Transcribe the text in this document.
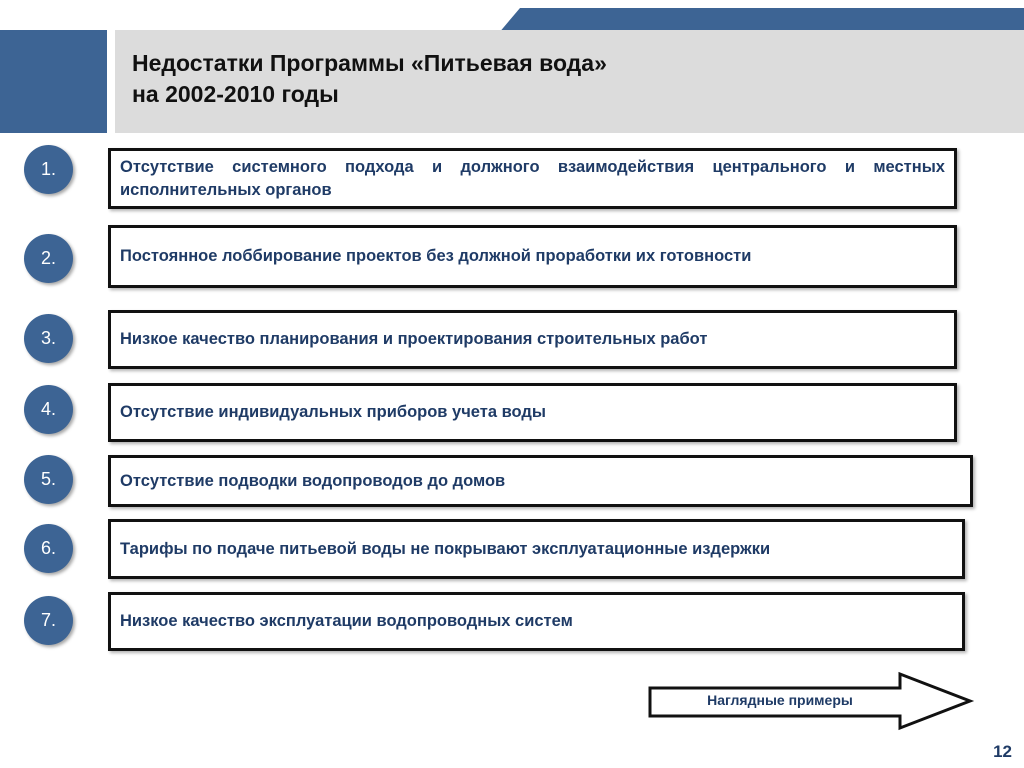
Недостатки Программы «Питьевая вода»
на 2002-2010 годы
1.	Отсутствие системного подхода и должного взаимодействия центрального и местных исполнительных органов
2.	Постоянное лоббирование проектов без должной проработки их готовности
3.	Низкое качество планирования и проектирования строительных работ
4.	Отсутствие индивидуальных приборов учета воды
5.	Отсутствие подводки водопроводов до домов
6.	Тарифы по подаче питьевой воды не покрывают эксплуатационные издержки
7.	Низкое качество эксплуатации водопроводных систем
Наглядные примеры
12
